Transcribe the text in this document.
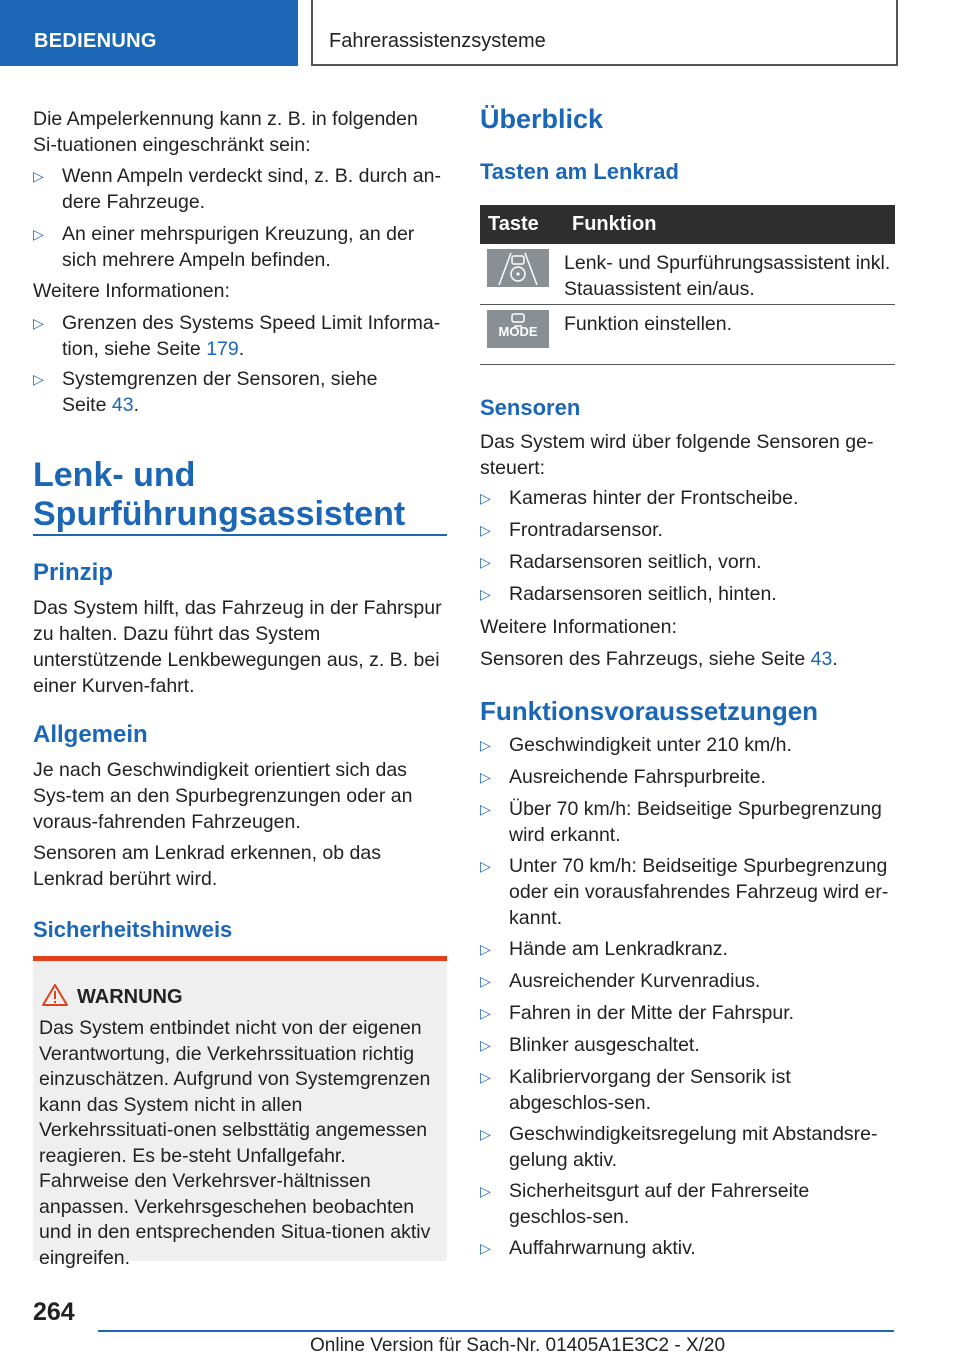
BEDIENUNG	Fahrerassistenzsysteme

Die Ampelerkennung kann z. B. in folgenden Si-tuationen eingeschränkt sein:

▷ Wenn Ampeln verdeckt sind, z. B. durch an-dere Fahrzeuge.
▷ An einer mehrspurigen Kreuzung, an der sich mehrere Ampeln befinden.

Weitere Informationen:

▷ Grenzen des Systems Speed Limit Informa-tion, siehe Seite 179.
▷ Systemgrenzen der Sensoren, siehe Seite 43.
Lenk- und
Spurführungsassistent
Prinzip

Das System hilft, das Fahrzeug in der Fahrspur zu halten. Dazu führt das System unterstützende Lenkbewegungen aus, z. B. bei einer Kurven-fahrt.

Allgemein

Je nach Geschwindigkeit orientiert sich das Sys-tem an den Spurbegrenzungen oder an voraus-fahrenden Fahrzeugen.

Sensoren am Lenkrad erkennen, ob das Lenkrad berührt wird.

Sicherheitshinweis
WARNUNG

Das System entbindet nicht von der eigenen Verantwortung, die Verkehrssituation richtig einzuschätzen. Aufgrund von Systemgrenzen kann das System nicht in allen Verkehrssituati-onen selbsttätig angemessen reagieren. Es be-steht Unfallgefahr. Fahrweise den Verkehrsver-hältnissen anpassen. Verkehrsgeschehen beobachten und in den entsprechenden Situa-tionen aktiv eingreifen.

Überblick
Tasten am Lenkrad
Taste	Funktion

	Lenk- und Spurführungsassistent inkl. Stauassistent ein/aus.

MODE	Funktion einstellen.
Sensoren

Das System wird über folgende Sensoren ge-steuert:

▷ Kameras hinter der Frontscheibe.
▷ Frontradarsensor.
▷ Radarsensoren seitlich, vorn.
▷ Radarsensoren seitlich, hinten.

Weitere Informationen:

Sensoren des Fahrzeugs, siehe Seite 43.

Funktionsvoraussetzungen
▷ Geschwindigkeit unter 210 km/h.
▷ Ausreichende Fahrspurbreite.
▷ Über 70 km/h: Beidseitige Spurbegrenzung wird erkannt.
▷ Unter 70 km/h: Beidseitige Spurbegrenzung oder ein vorausfahrendes Fahrzeug wird er-kannt.
▷ Hände am Lenkradkranz.
▷ Ausreichender Kurvenradius.
▷ Fahren in der Mitte der Fahrspur.
▷ Blinker ausgeschaltet.
▷ Kalibriervorgang der Sensorik ist abgeschlos-sen.
▷ Geschwindigkeitsregelung mit Abstandsre-gelung aktiv.
▷ Sicherheitsgurt auf der Fahrerseite geschlos-sen.
▷ Auffahrwarnung aktiv.
264
Online Version für Sach-Nr. 01405A1E3C2 - X/20
